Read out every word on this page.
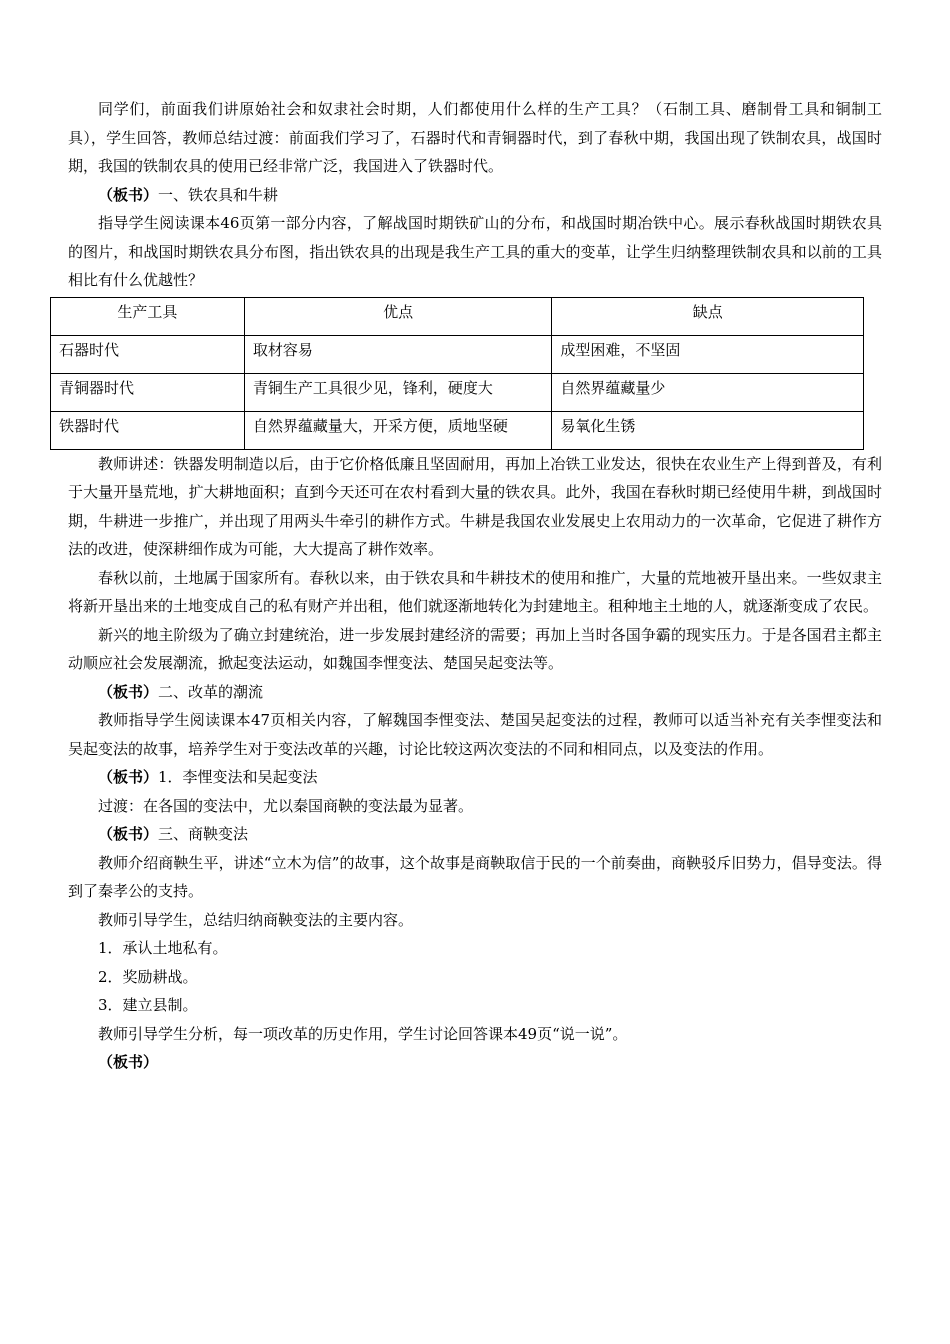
同学们，前面我们讲原始社会和奴隶社会时期，人们都使用什么样的生产工具？（石制工具、磨制骨工具和铜制工具），学生回答，教师总结过渡：前面我们学习了，石器时代和青铜器时代，到了春秋中期，我国出现了铁制农具，战国时期，我国的铁制农具的使用已经非常广泛，我国进入了铁器时代。

（板书）一、铁农具和牛耕

指导学生阅读课本46页第一部分内容，了解战国时期铁矿山的分布，和战国时期冶铁中心。展示春秋战国时期铁农具的图片，和战国时期铁农具分布图，指出铁农具的出现是我生产工具的重大的变革，让学生归纳整理铁制农具和以前的工具相比有什么优越性？

生产工具	优点	缺点
石器时代	取材容易	成型困难，不坚固
青铜器时代	青铜生产工具很少见，锋利，硬度大	自然界蕴藏量少
铁器时代	自然界蕴藏量大，开采方便，质地坚硬	易氧化生锈

教师讲述：铁器发明制造以后，由于它价格低廉且坚固耐用，再加上冶铁工业发达，很快在农业生产上得到普及，有利于大量开垦荒地，扩大耕地面积；直到今天还可在农村看到大量的铁农具。此外，我国在春秋时期已经使用牛耕，到战国时期，牛耕进一步推广，并出现了用两头牛牵引的耕作方式。牛耕是我国农业发展史上农用动力的一次革命，它促进了耕作方法的改进，使深耕细作成为可能，大大提高了耕作效率。

春秋以前，土地属于国家所有。春秋以来，由于铁农具和牛耕技术的使用和推广，大量的荒地被开垦出来。一些奴隶主将新开垦出来的土地变成自己的私有财产并出租，他们就逐渐地转化为封建地主。租种地主土地的人，就逐渐变成了农民。

新兴的地主阶级为了确立封建统治，进一步发展封建经济的需要；再加上当时各国争霸的现实压力。于是各国君主都主动顺应社会发展潮流，掀起变法运动，如魏国李悝变法、楚国吴起变法等。

（板书）二、改革的潮流

教师指导学生阅读课本47页相关内容，了解魏国李悝变法、楚国吴起变法的过程，教师可以适当补充有关李悝变法和吴起变法的故事，培养学生对于变法改革的兴趣，讨论比较这两次变法的不同和相同点，以及变法的作用。

（板书）1．李悝变法和吴起变法

过渡：在各国的变法中，尤以秦国商鞅的变法最为显著。

（板书）三、商鞅变法

教师介绍商鞅生平，讲述“立木为信”的故事，这个故事是商鞅取信于民的一个前奏曲，商鞅驳斥旧势力，倡导变法。得到了秦孝公的支持。

教师引导学生，总结归纳商鞅变法的主要内容。

1．承认土地私有。

2．奖励耕战。

3．建立县制。

教师引导学生分析，每一项改革的历史作用，学生讨论回答课本49页“说一说”。

（板书）
